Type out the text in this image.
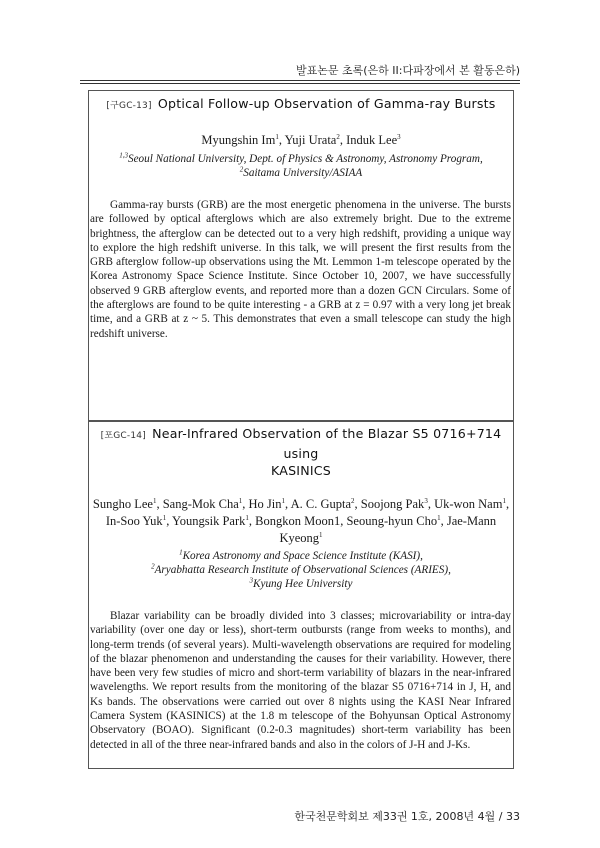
발표논문 초록(은하 II:다파장에서 본 활동은하)
[구GC-13] Optical Follow-up Observation of Gamma-ray Bursts
Myungshin Im$^1$, Yuji Urata$^2$, Induk Lee$^3$
$^{1,3}$Seoul National University, Dept. of Physics & Astronomy, Astronomy Program,
$^2$Saitama University/ASIAA

Gamma-ray bursts (GRB) are the most energetic phenomena in the universe. The bursts are followed by optical afterglows which are also extremely bright. Due to the extreme brightness, the afterglow can be detected out to a very high redshift, providing a unique way to explore the high redshift universe. In this talk, we will present the first results from the GRB afterglow follow-up observations using the Mt. Lemmon 1-m telescope operated by the Korea Astronomy Space Science Institute. Since October 10, 2007, we have successfully observed 9 GRB afterglow events, and reported more than a dozen GCN Circulars. Some of the afterglows are found to be quite interesting - a GRB at z = 0.97 with a very long jet break time, and a GRB at z ~ 5. This demonstrates that even a small telescope can study the high redshift universe.

[포GC-14] Near-Infrared Observation of the Blazar S5 0716+714 using
KASINICS
Sungho Lee$^1$, Sang-Mok Cha$^1$, Ho Jin$^1$, A. C. Gupta$^2$, Soojong Pak$^3$, Uk-won Nam$^1$, In-Soo Yuk$^1$, Youngsik Park$^1$, Bongkon Moon1, Seoung-hyun Cho$^1$, Jae-Mann Kyeong$^1$
$^1$Korea Astronomy and Space Science Institute (KASI),
$^2$Aryabhatta Research Institute of Observational Sciences (ARIES),
$^3$Kyung Hee University

Blazar variability can be broadly divided into 3 classes; microvariability or intra-day variability (over one day or less), short-term outbursts (range from weeks to months), and long-term trends (of several years). Multi-wavelength observations are required for modeling of the blazar phenomenon and understanding the causes for their variability. However, there have been very few studies of micro and short-term variability of blazars in the near-infrared wavelengths. We report results from the monitoring of the blazar S5 0716+714 in J, H, and Ks bands. The observations were carried out over 8 nights using the KASI Near Infrared Camera System (KASINICS) at the 1.8 m telescope of the Bohyunsan Optical Astronomy Observatory (BOAO). Significant (0.2-0.3 magnitudes) short-term variability has been detected in all of the three near-infrared bands and also in the colors of J-H and J-Ks.

한국천문학회보 제33권 1호, 2008년 4월 / 33
